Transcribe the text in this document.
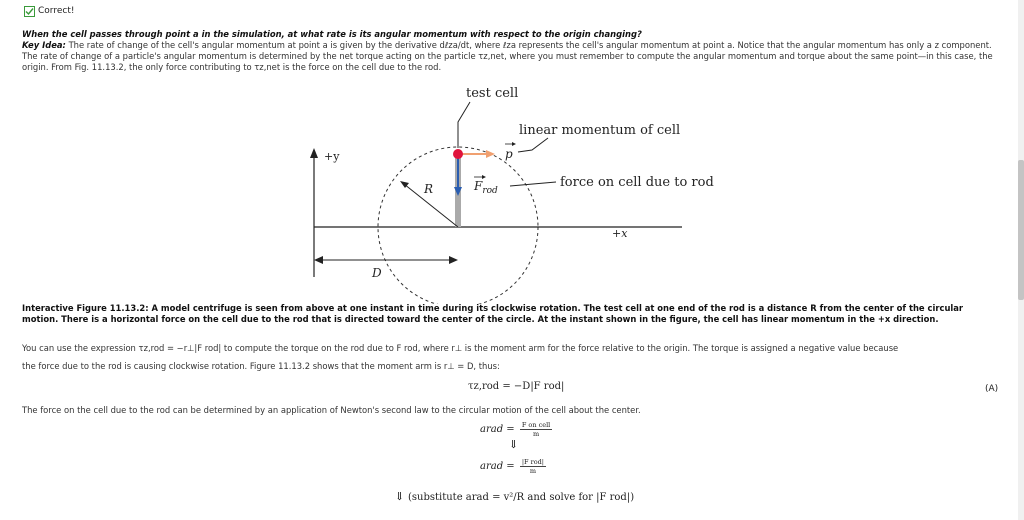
Correct!
When the cell passes through point a in the simulation, at what rate is its angular momentum with respect to the origin changing?
Key Idea: The rate of change of the cell's angular momentum at point a is given by the derivative dℓza/dt, where ℓza represents the cell's angular momentum at point a. Notice that the angular momentum has only a z component. The rate of change of a particle's angular momentum is determined by the net torque acting on the particle τz,net, where you must remember to compute the angular momentum and torque about the same point—in this case, the origin. From Fig. 11.13.2, the only force contributing to τz,net is the force on the cell due to the rod.
+y
+x
R
D
test cell
p
linear momentum of cell
$F_{rod}$
force on cell due to rod
Interactive Figure 11.13.2: A model centrifuge is seen from above at one instant in time during its clockwise rotation. The test cell at one end of the rod is a distance R from the center of the circular motion. There is a horizontal force on the cell due to the rod that is directed toward the center of the circle. At the instant shown in the figure, the cell has linear momentum in the +x direction.
You can use the expression τz,rod = −r⊥|F rod| to compute the torque on the rod due to F rod, where r⊥ is the moment arm for the force relative to the origin. The torque is assigned a negative value because
the force due to the rod is causing clockwise rotation. Figure 11.13.2 shows that the moment arm is r⊥ = D, thus:
τz,rod = −D|F rod|	(A)
The force on the cell due to the rod can be determined by an application of Newton's second law to the circular motion of the cell about the center.
arad =	F on cell
m
⇓
arad =	|F rod|
m
⇓ (substitute arad = v²/R and solve for |F rod|)
